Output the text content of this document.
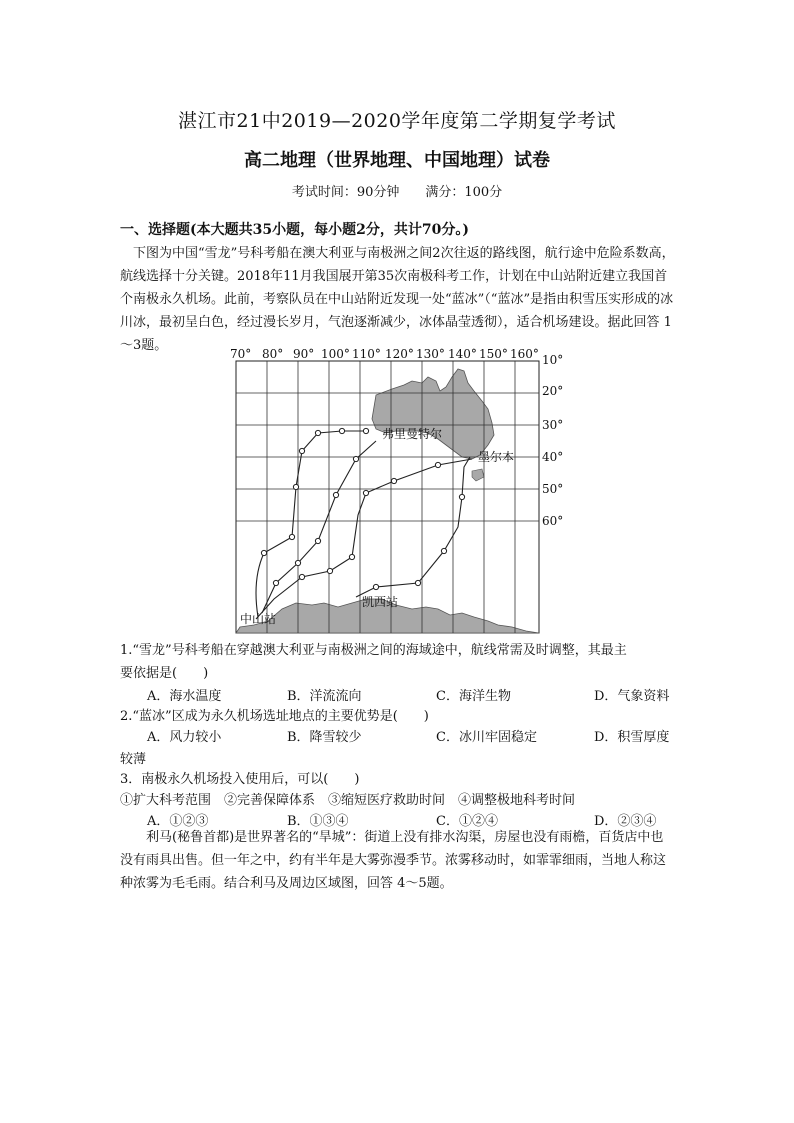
湛江市21中2019—2020学年度第二学期复学考试
高二地理（世界地理、中国地理）试卷
考试时间：90分钟　　满分：100分
一、选择题(本大题共35小题，每小题2分，共计70分。)
　下图为中国“雪龙”号科考船在澳大利亚与南极洲之间2次往返的路线图，航行途中危险系数高，航线选择十分关键。2018年11月我国展开第35次南极科考工作，计划在中山站附近建立我国首个南极永久机场。此前，考察队员在中山站附近发现一处“蓝冰”（“蓝冰”是指由积雪压实形成的冰川冰，最初呈白色，经过漫长岁月，气泡逐渐减少，冰体晶莹透彻），适合机场建设。据此回答 1～3题。
70° 80° 90° 100° 110° 120° 130° 140° 150° 160° 10°
20°
30°
40°
50°
60°
弗里曼特尔
墨尔本
凯西站
中山站
1.“雪龙”号科考船在穿越澳大利亚与南极洲之间的海域途中，航线常需及时调整，其最主
要依据是(　　)
A．海水温度	B．洋流流向	C．海洋生物	D．气象资料
2.“蓝冰”区成为永久机场选址地点的主要优势是(　　)
A．风力较小	B．降雪较少	C．冰川牢固稳定	D．积雪厚度
较薄
3．南极永久机场投入使用后，可以(　　)
①扩大科考范围　②完善保障体系　③缩短医疗救助时间　④调整极地科考时间
A．①②③	B．①③④	C．①②④	D．②③④
　　利马(秘鲁首都)是世界著名的“旱城”：街道上没有排水沟渠，房屋也没有雨檐，百货店中也没有雨具出售。但一年之中，约有半年是大雾弥漫季节。浓雾移动时，如霏霏细雨，当地人称这种浓雾为毛毛雨。结合利马及周边区域图，回答 4～5题。
